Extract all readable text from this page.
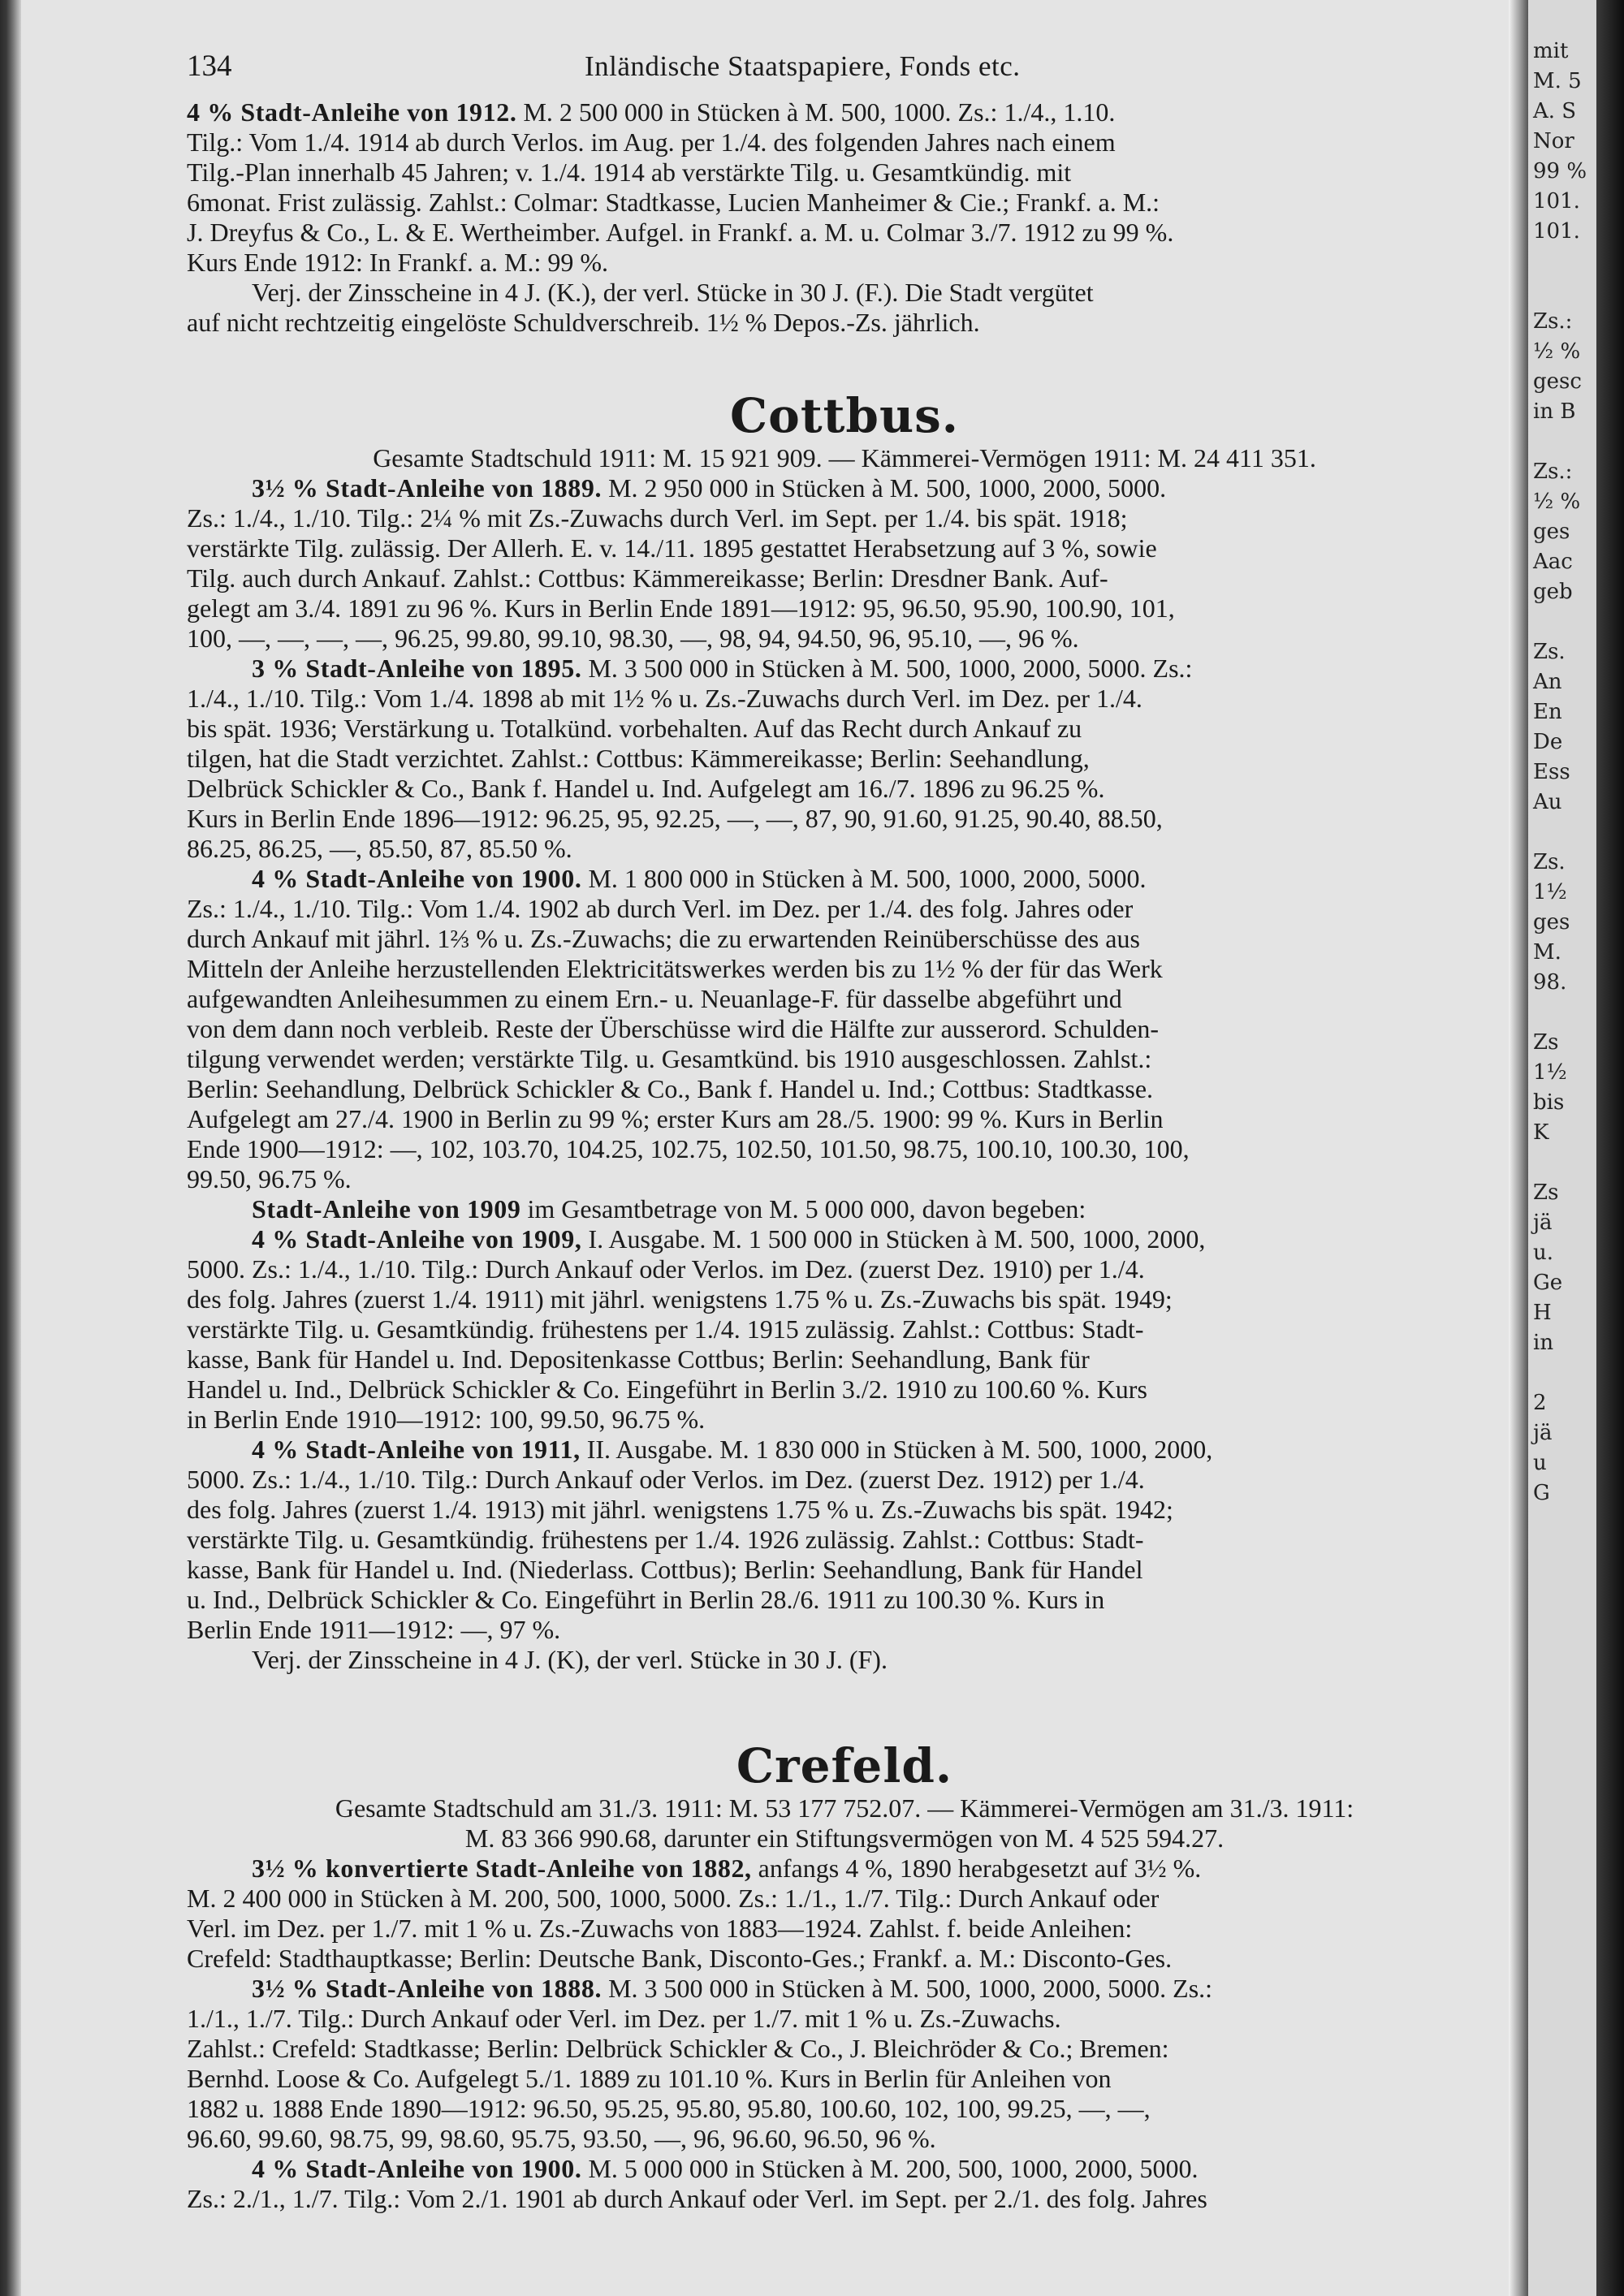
mit
M. 5
A. S
Nor
99 %
101.
101.
Zs.:
½ %
gesc
in B
Zs.:
½ %
ges
Aac
geb
Zs.
An
En
De
Ess
Au
Zs.
1½
ges
M.
98.
Zs
1½
bis
K
Zs
jä
u.
Ge
H
in
2
jä
u
G
134	Inländische Staatspapiere, Fonds etc.

4 % Stadt-Anleihe von 1912. M. 2 500 000 in Stücken à M. 500, 1000. Zs.: 1./4., 1.10.

Tilg.: Vom 1./4. 1914 ab durch Verlos. im Aug. per 1./4. des folgenden Jahres nach einem

Tilg.-Plan innerhalb 45 Jahren; v. 1./4. 1914 ab verstärkte Tilg. u. Gesamtkündig. mit

6monat. Frist zulässig. Zahlst.: Colmar: Stadtkasse, Lucien Manheimer & Cie.; Frankf. a. M.:

J. Dreyfus & Co., L. & E. Wertheimber. Aufgel. in Frankf. a. M. u. Colmar 3./7. 1912 zu 99 %.

Kurs Ende 1912: In Frankf. a. M.: 99 %.

Verj. der Zinsscheine in 4 J. (K.), der verl. Stücke in 30 J. (F.). Die Stadt vergütet

auf nicht rechtzeitig eingelöste Schuldverschreib. 1½ % Depos.-Zs. jährlich.

Cottbus.

Gesamte Stadtschuld 1911: M. 15 921 909. — Kämmerei-Vermögen 1911: M. 24 411 351.

3½ % Stadt-Anleihe von 1889. M. 2 950 000 in Stücken à M. 500, 1000, 2000, 5000.

Zs.: 1./4., 1./10. Tilg.: 2¼ % mit Zs.-Zuwachs durch Verl. im Sept. per 1./4. bis spät. 1918;

verstärkte Tilg. zulässig. Der Allerh. E. v. 14./11. 1895 gestattet Herabsetzung auf 3 %, sowie

Tilg. auch durch Ankauf. Zahlst.: Cottbus: Kämmereikasse; Berlin: Dresdner Bank. Auf-

gelegt am 3./4. 1891 zu 96 %. Kurs in Berlin Ende 1891—1912: 95, 96.50, 95.90, 100.90, 101,

100, —, —, —, —, 96.25, 99.80, 99.10, 98.30, —, 98, 94, 94.50, 96, 95.10, —, 96 %.

3 % Stadt-Anleihe von 1895. M. 3 500 000 in Stücken à M. 500, 1000, 2000, 5000. Zs.:

1./4., 1./10. Tilg.: Vom 1./4. 1898 ab mit 1½ % u. Zs.-Zuwachs durch Verl. im Dez. per 1./4.

bis spät. 1936; Verstärkung u. Totalkünd. vorbehalten. Auf das Recht durch Ankauf zu

tilgen, hat die Stadt verzichtet. Zahlst.: Cottbus: Kämmereikasse; Berlin: Seehandlung,

Delbrück Schickler & Co., Bank f. Handel u. Ind. Aufgelegt am 16./7. 1896 zu 96.25 %.

Kurs in Berlin Ende 1896—1912: 96.25, 95, 92.25, —, —, 87, 90, 91.60, 91.25, 90.40, 88.50,

86.25, 86.25, —, 85.50, 87, 85.50 %.

4 % Stadt-Anleihe von 1900. M. 1 800 000 in Stücken à M. 500, 1000, 2000, 5000.

Zs.: 1./4., 1./10. Tilg.: Vom 1./4. 1902 ab durch Verl. im Dez. per 1./4. des folg. Jahres oder

durch Ankauf mit jährl. 1⅔ % u. Zs.-Zuwachs; die zu erwartenden Reinüberschüsse des aus

Mitteln der Anleihe herzustellenden Elektricitätswerkes werden bis zu 1½ % der für das Werk

aufgewandten Anleihesummen zu einem Ern.- u. Neuanlage-F. für dasselbe abgeführt und

von dem dann noch verbleib. Reste der Überschüsse wird die Hälfte zur ausserord. Schulden-

tilgung verwendet werden; verstärkte Tilg. u. Gesamtkünd. bis 1910 ausgeschlossen. Zahlst.:

Berlin: Seehandlung, Delbrück Schickler & Co., Bank f. Handel u. Ind.; Cottbus: Stadtkasse.

Aufgelegt am 27./4. 1900 in Berlin zu 99 %; erster Kurs am 28./5. 1900: 99 %. Kurs in Berlin

Ende 1900—1912: —, 102, 103.70, 104.25, 102.75, 102.50, 101.50, 98.75, 100.10, 100.30, 100,

99.50, 96.75 %.

Stadt-Anleihe von 1909 im Gesamtbetrage von M. 5 000 000, davon begeben:

4 % Stadt-Anleihe von 1909, I. Ausgabe. M. 1 500 000 in Stücken à M. 500, 1000, 2000,

5000. Zs.: 1./4., 1./10. Tilg.: Durch Ankauf oder Verlos. im Dez. (zuerst Dez. 1910) per 1./4.

des folg. Jahres (zuerst 1./4. 1911) mit jährl. wenigstens 1.75 % u. Zs.-Zuwachs bis spät. 1949;

verstärkte Tilg. u. Gesamtkündig. frühestens per 1./4. 1915 zulässig. Zahlst.: Cottbus: Stadt-

kasse, Bank für Handel u. Ind. Depositenkasse Cottbus; Berlin: Seehandlung, Bank für

Handel u. Ind., Delbrück Schickler & Co. Eingeführt in Berlin 3./2. 1910 zu 100.60 %. Kurs

in Berlin Ende 1910—1912: 100, 99.50, 96.75 %.

4 % Stadt-Anleihe von 1911, II. Ausgabe. M. 1 830 000 in Stücken à M. 500, 1000, 2000,

5000. Zs.: 1./4., 1./10. Tilg.: Durch Ankauf oder Verlos. im Dez. (zuerst Dez. 1912) per 1./4.

des folg. Jahres (zuerst 1./4. 1913) mit jährl. wenigstens 1.75 % u. Zs.-Zuwachs bis spät. 1942;

verstärkte Tilg. u. Gesamtkündig. frühestens per 1./4. 1926 zulässig. Zahlst.: Cottbus: Stadt-

kasse, Bank für Handel u. Ind. (Niederlass. Cottbus); Berlin: Seehandlung, Bank für Handel

u. Ind., Delbrück Schickler & Co. Eingeführt in Berlin 28./6. 1911 zu 100.30 %. Kurs in

Berlin Ende 1911—1912: —, 97 %.

Verj. der Zinsscheine in 4 J. (K), der verl. Stücke in 30 J. (F).

Crefeld.

Gesamte Stadtschuld am 31./3. 1911: M. 53 177 752.07. — Kämmerei-Vermögen am 31./3. 1911:

M. 83 366 990.68, darunter ein Stiftungsvermögen von M. 4 525 594.27.

3½ % konvertierte Stadt-Anleihe von 1882, anfangs 4 %, 1890 herabgesetzt auf 3½ %.

M. 2 400 000 in Stücken à M. 200, 500, 1000, 5000. Zs.: 1./1., 1./7. Tilg.: Durch Ankauf oder

Verl. im Dez. per 1./7. mit 1 % u. Zs.-Zuwachs von 1883—1924. Zahlst. f. beide Anleihen:

Crefeld: Stadthauptkasse; Berlin: Deutsche Bank, Disconto-Ges.; Frankf. a. M.: Disconto-Ges.

3½ % Stadt-Anleihe von 1888. M. 3 500 000 in Stücken à M. 500, 1000, 2000, 5000. Zs.:

1./1., 1./7. Tilg.: Durch Ankauf oder Verl. im Dez. per 1./7. mit 1 % u. Zs.-Zuwachs.

Zahlst.: Crefeld: Stadtkasse; Berlin: Delbrück Schickler & Co., J. Bleichröder & Co.; Bremen:

Bernhd. Loose & Co. Aufgelegt 5./1. 1889 zu 101.10 %. Kurs in Berlin für Anleihen von

1882 u. 1888 Ende 1890—1912: 96.50, 95.25, 95.80, 95.80, 100.60, 102, 100, 99.25, —, —,

96.60, 99.60, 98.75, 99, 98.60, 95.75, 93.50, —, 96, 96.60, 96.50, 96 %.

4 % Stadt-Anleihe von 1900. M. 5 000 000 in Stücken à M. 200, 500, 1000, 2000, 5000.

Zs.: 2./1., 1./7. Tilg.: Vom 2./1. 1901 ab durch Ankauf oder Verl. im Sept. per 2./1. des folg. Jahres
